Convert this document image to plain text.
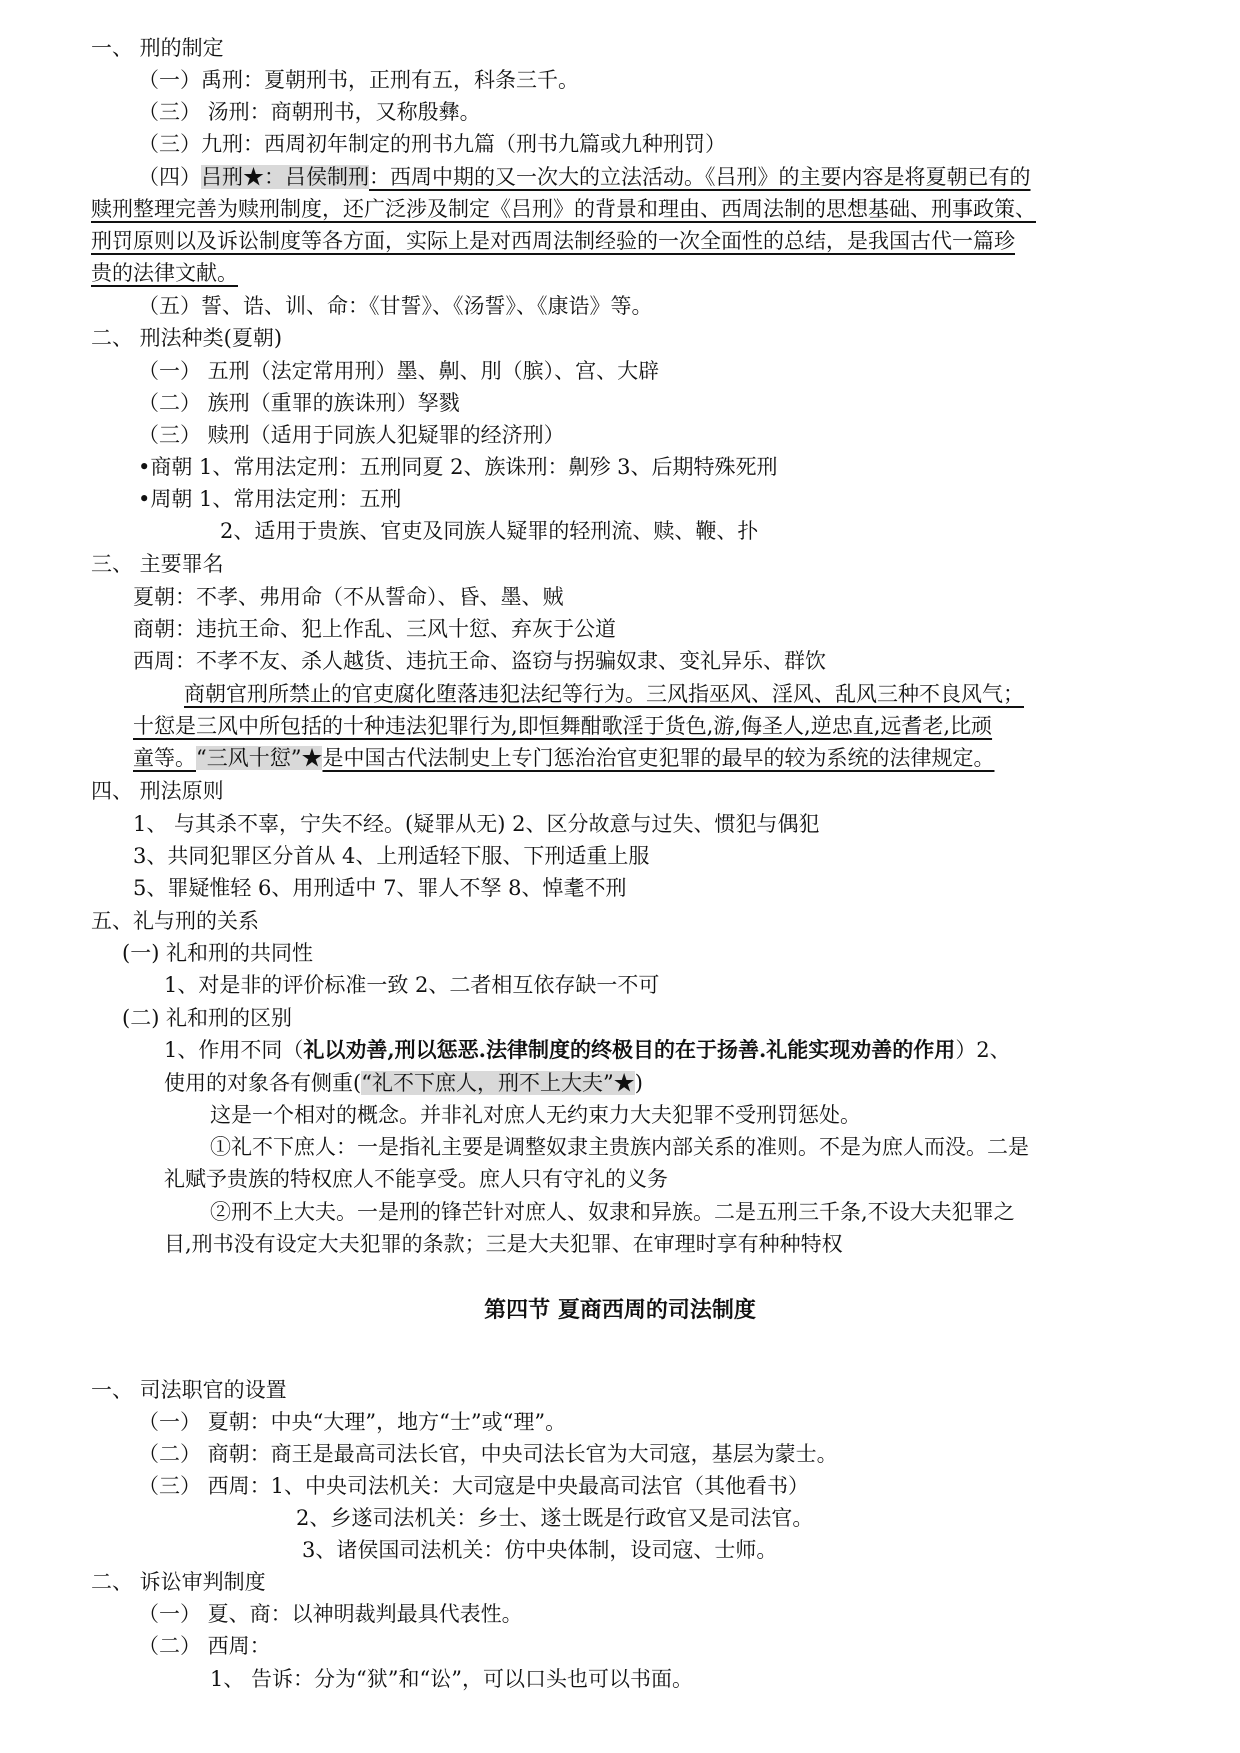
一、 刑的制定
（一）禹刑：夏朝刑书，正刑有五，科条三千。
（三） 汤刑：商朝刑书，又称殷彝。
（三）九刑：西周初年制定的刑书九篇（刑书九篇或九种刑罚）
（四）吕刑★：吕侯制刑：西周中期的又一次大的立法活动。《吕刑》的主要内容是将夏朝已有的
赎刑整理完善为赎刑制度，还广泛涉及制定《吕刑》的背景和理由、西周法制的思想基础、刑事政策、
刑罚原则以及诉讼制度等各方面，实际上是对西周法制经验的一次全面性的总结，是我国古代一篇珍
贵的法律文献。
（五）誓、诰、训、命：《甘誓》、《汤誓》、《康诰》等。
二、 刑法种类(夏朝)
（一） 五刑（法定常用刑）墨、劓、刖（膑）、宫、大辟
（二） 族刑（重罪的族诛刑）孥戮
（三） 赎刑（适用于同族人犯疑罪的经济刑）
•商朝 1、常用法定刑：五刑同夏 2、族诛刑：劓殄 3、后期特殊死刑
•周朝 1、常用法定刑：五刑
2、适用于贵族、官吏及同族人疑罪的轻刑流、赎、鞭、扑
三、 主要罪名
夏朝：不孝、弗用命（不从誓命）、昏、墨、贼
商朝：违抗王命、犯上作乱、三风十愆、弃灰于公道
西周：不孝不友、杀人越货、违抗王命、盗窃与拐骗奴隶、变礼异乐、群饮
商朝官刑所禁止的官吏腐化堕落违犯法纪等行为。三风指巫风、淫风、乱风三种不良风气；
十愆是三风中所包括的十种违法犯罪行为,即恒舞酣歌淫于货色,游,侮圣人,逆忠直,远耆老,比顽
童等。“三风十愆”★是中国古代法制史上专门惩治治官吏犯罪的最早的较为系统的法律规定。
四、 刑法原则
1、 与其杀不辜，宁失不经。(疑罪从无) 2、区分故意与过失、惯犯与偶犯
3、共同犯罪区分首从 4、上刑适轻下服、下刑适重上服
5、罪疑惟轻 6、用刑适中 7、罪人不孥 8、悼耄不刑
五、礼与刑的关系
(一) 礼和刑的共同性
1、对是非的评价标准一致 2、二者相互依存缺一不可
(二) 礼和刑的区别
1、作用不同（礼以劝善,刑以惩恶.法律制度的终极目的在于扬善.礼能实现劝善的作用）2、
使用的对象各有侧重(“礼不下庶人，刑不上大夫”★)
这是一个相对的概念。并非礼对庶人无约束力大夫犯罪不受刑罚惩处。
①礼不下庶人：一是指礼主要是调整奴隶主贵族内部关系的准则。不是为庶人而没。二是
礼赋予贵族的特权庶人不能享受。庶人只有守礼的义务
②刑不上大夫。一是刑的锋芒针对庶人、奴隶和异族。二是五刑三千条,不设大夫犯罪之
目,刑书没有设定大夫犯罪的条款；三是大夫犯罪、在审理时享有种种特权
第四节 夏商西周的司法制度
一、 司法职官的设置
（一） 夏朝：中央“大理”，地方“士”或“理”。
（二） 商朝：商王是最高司法长官，中央司法长官为大司寇，基层为蒙士。
（三） 西周：1、中央司法机关：大司寇是中央最高司法官（其他看书）
2、乡遂司法机关：乡士、遂士既是行政官又是司法官。
3、诸侯国司法机关：仿中央体制，设司寇、士师。
二、 诉讼审判制度
（一） 夏、商：以神明裁判最具代表性。
（二） 西周：
1、 告诉：分为“狱”和“讼”，可以口头也可以书面。
